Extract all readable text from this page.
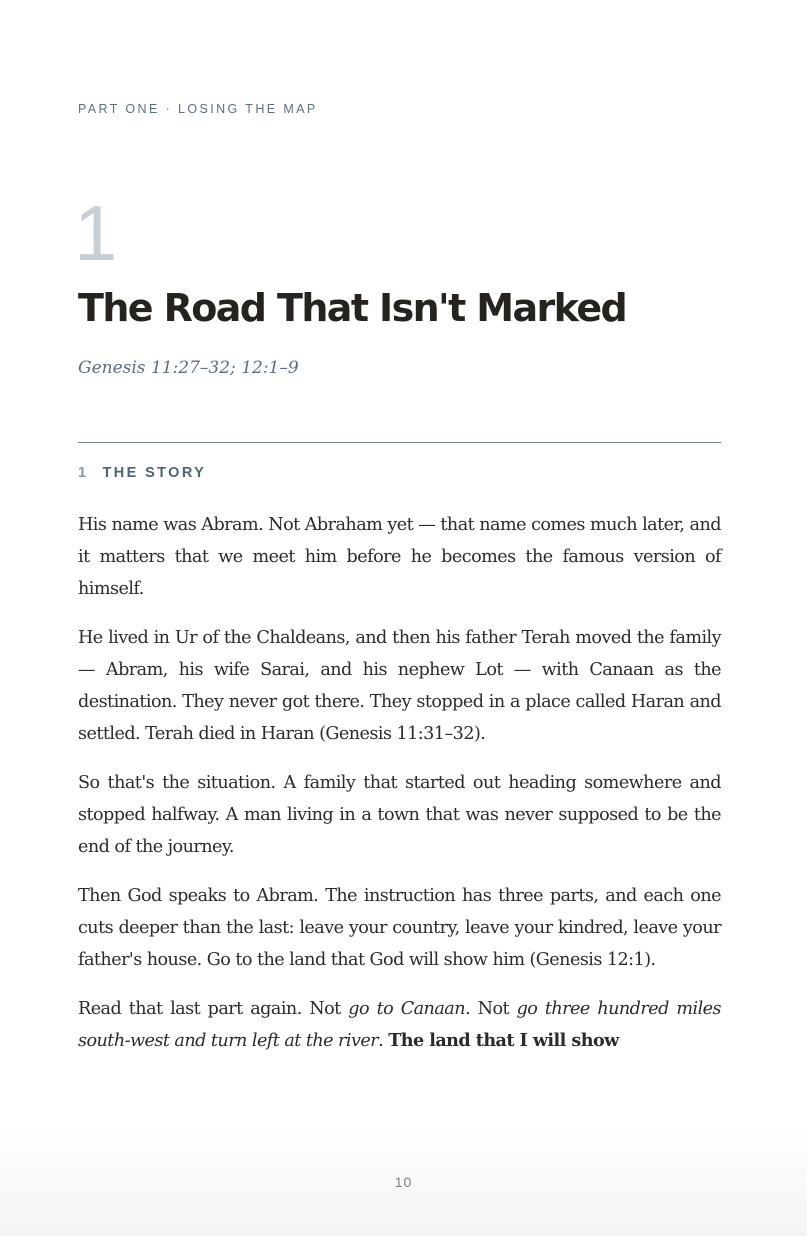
PART ONE · LOSING THE MAP
1
The Road That Isn't Marked
Genesis 11:27–32; 12:1–9
1 THE STORY

His name was Abram. Not Abraham yet — that name comes much later, and it matters that we meet him before he becomes the famous version of himself.

He lived in Ur of the Chaldeans, and then his father Terah moved the family — Abram, his wife Sarai, and his nephew Lot — with Canaan as the destination. They never got there. They stopped in a place called Haran and settled. Terah died in Haran (Genesis 11:31–32).

So that's the situation. A family that started out heading somewhere and stopped halfway. A man living in a town that was never supposed to be the end of the journey.

Then God speaks to Abram. The instruction has three parts, and each one cuts deeper than the last: leave your country, leave your kindred, leave your father's house. Go to the land that God will show him (Genesis 12:1).

Read that last part again. Not go to Canaan. Not go three hundred miles south-west and turn left at the river. The land that I will show

10
